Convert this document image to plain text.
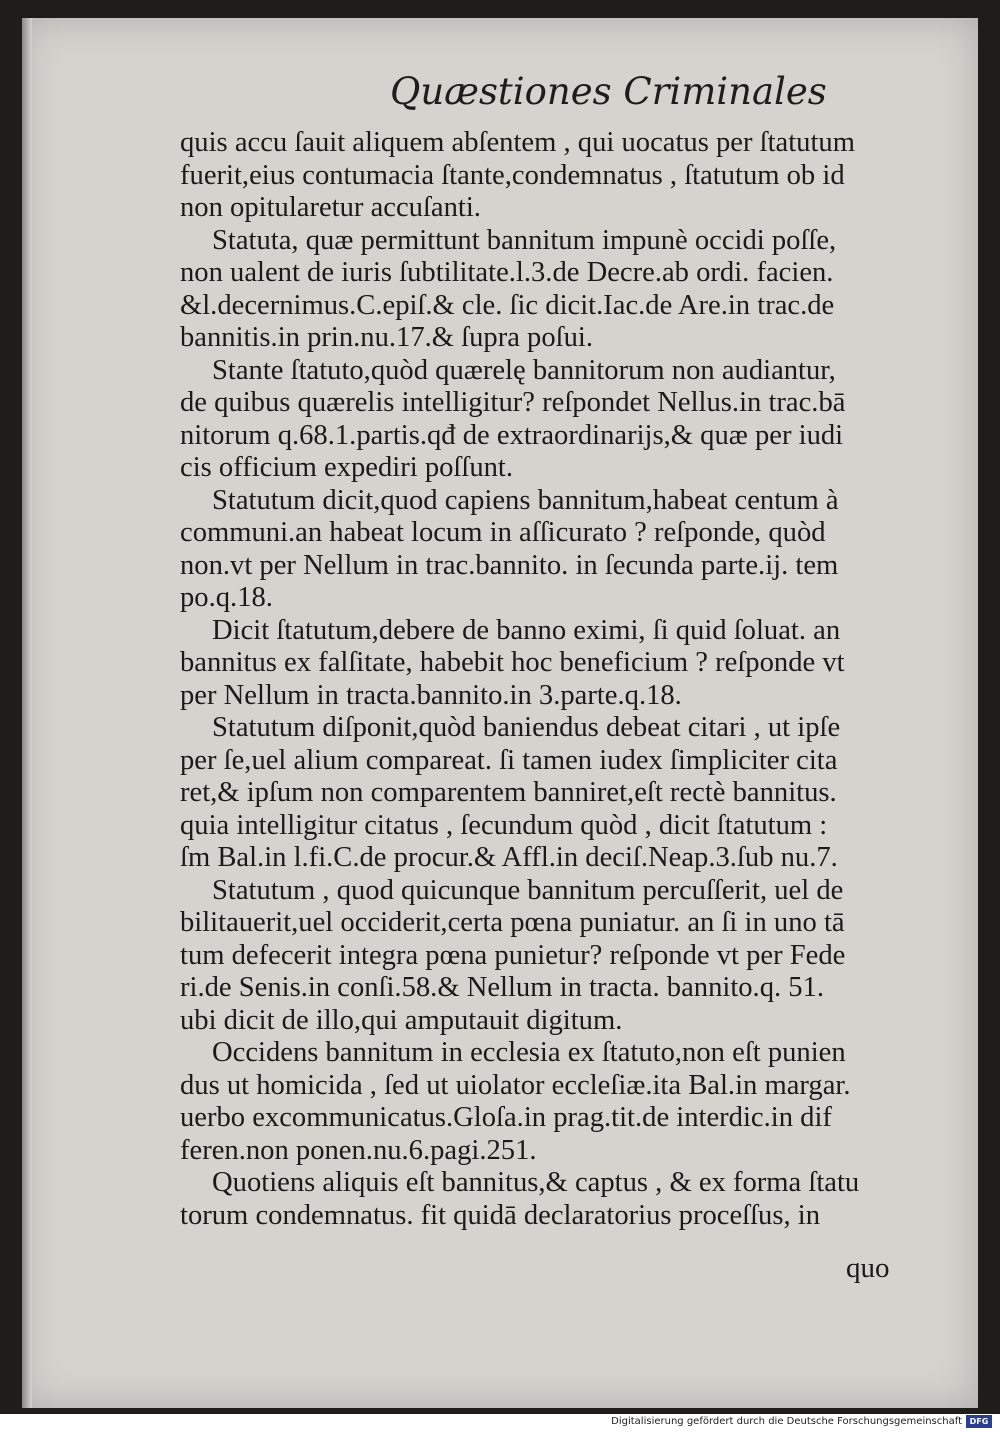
Quæstiones Criminales
quis accu ſauit aliquem abſentem , qui uocatus per ſtatutum
fuerit,eius contumacia ſtante,condemnatus , ſtatutum ob id
non opitularetur accuſanti.
Statuta, quæ permittunt bannitum impunè occidi poſſe,
non ualent de iuris ſubtilitate.l.3.de Decre.ab ordi. facien.
&l.decernimus.C.epiſ.& cle. ſic dicit.Iac.de Are.in trac.de
bannitis.in prin.nu.17.& ſupra poſui.
Stante ſtatuto,quòd quærelę bannitorum non audiantur,
de quibus quærelis intelligitur? reſpondet Nellus.in trac.bā
nitorum q.68.1.partis.qđ de extraordinarijs,& quæ per iudi
cis officium expediri poſſunt.
Statutum dicit,quod capiens bannitum,habeat centum à
communi.an habeat locum in aſſicurato ? reſponde, quòd
non.vt per Nellum in trac.bannito. in ſecunda parte.ij. tem
po.q.18.
Dicit ſtatutum,debere de banno eximi, ſi quid ſoluat. an
bannitus ex falſitate, habebit hoc beneficium ? reſponde vt
per Nellum in tracta.bannito.in 3.parte.q.18.
Statutum diſponit,quòd baniendus debeat citari , ut ipſe
per ſe,uel alium compareat. ſi tamen iudex ſimpliciter cita
ret,& ipſum non comparentem banniret,eſt rectè bannitus.
quia intelligitur citatus , ſecundum quòd , dicit ſtatutum :
ſm Bal.in l.fi.C.de procur.& Affl.in deciſ.Neap.3.ſub nu.7.
Statutum , quod quicunque bannitum percuſſerit, uel de
bilitauerit,uel occiderit,certa pœna puniatur. an ſi in uno tā
tum defecerit integra pœna punietur? reſponde vt per Fede
ri.de Senis.in conſi.58.& Nellum in tracta. bannito.q. 51.
ubi dicit de illo,qui amputauit digitum.
Occidens bannitum in ecclesia ex ſtatuto,non eſt punien
dus ut homicida , ſed ut uiolator eccleſiæ.ita Bal.in margar.
uerbo excommunicatus.Gloſa.in prag.tit.de interdic.in dif
feren.non ponen.nu.6.pagi.251.
Quotiens aliquis eſt bannitus,& captus , & ex forma ſtatu
torum condemnatus. fit quidā declaratorius proceſſus, in
quo
Digitalisierung gefördert durch die Deutsche Forschungsgemeinschaft DFG
